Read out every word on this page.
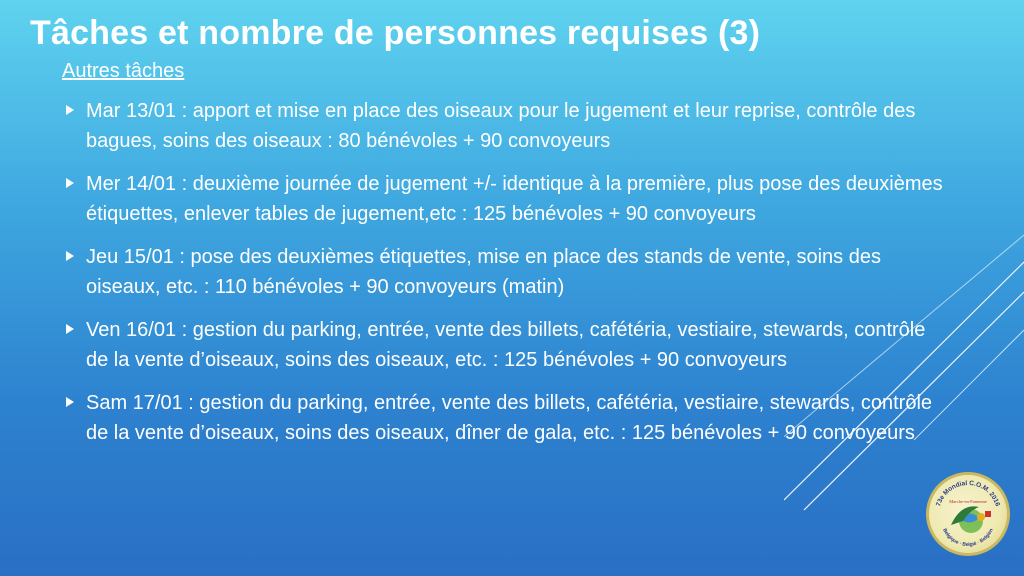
Tâches et nombre de personnes requises (3)
Autres tâches
Mar 13/01 : apport et mise en place des oiseaux pour le jugement et leur reprise, contrôle des bagues, soins des oiseaux : 80 bénévoles + 90 convoyeurs
Mer 14/01 : deuxième journée de jugement +/- identique à la première, plus pose des deuxièmes étiquettes, enlever tables de jugement,etc : 125 bénévoles + 90 convoyeurs
Jeu 15/01 : pose des deuxièmes étiquettes, mise en place des stands de vente, soins des oiseaux, etc. : 110 bénévoles + 90 convoyeurs (matin)
Ven 16/01 : gestion du parking, entrée, vente des billets, cafétéria, vestiaire, stewards, contrôle de la vente d’oiseaux, soins des oiseaux, etc. : 125 bénévoles + 90 convoyeurs
Sam 17/01 : gestion du parking, entrée, vente des billets, cafétéria, vestiaire, stewards, contrôle de la vente d’oiseaux, soins des oiseaux, dîner de gala, etc. : 125 bénévoles + 90 convoyeurs
73e Mondial C.O.M. 2016
Marche-en-Famenne
Belgique · België · Belgien
